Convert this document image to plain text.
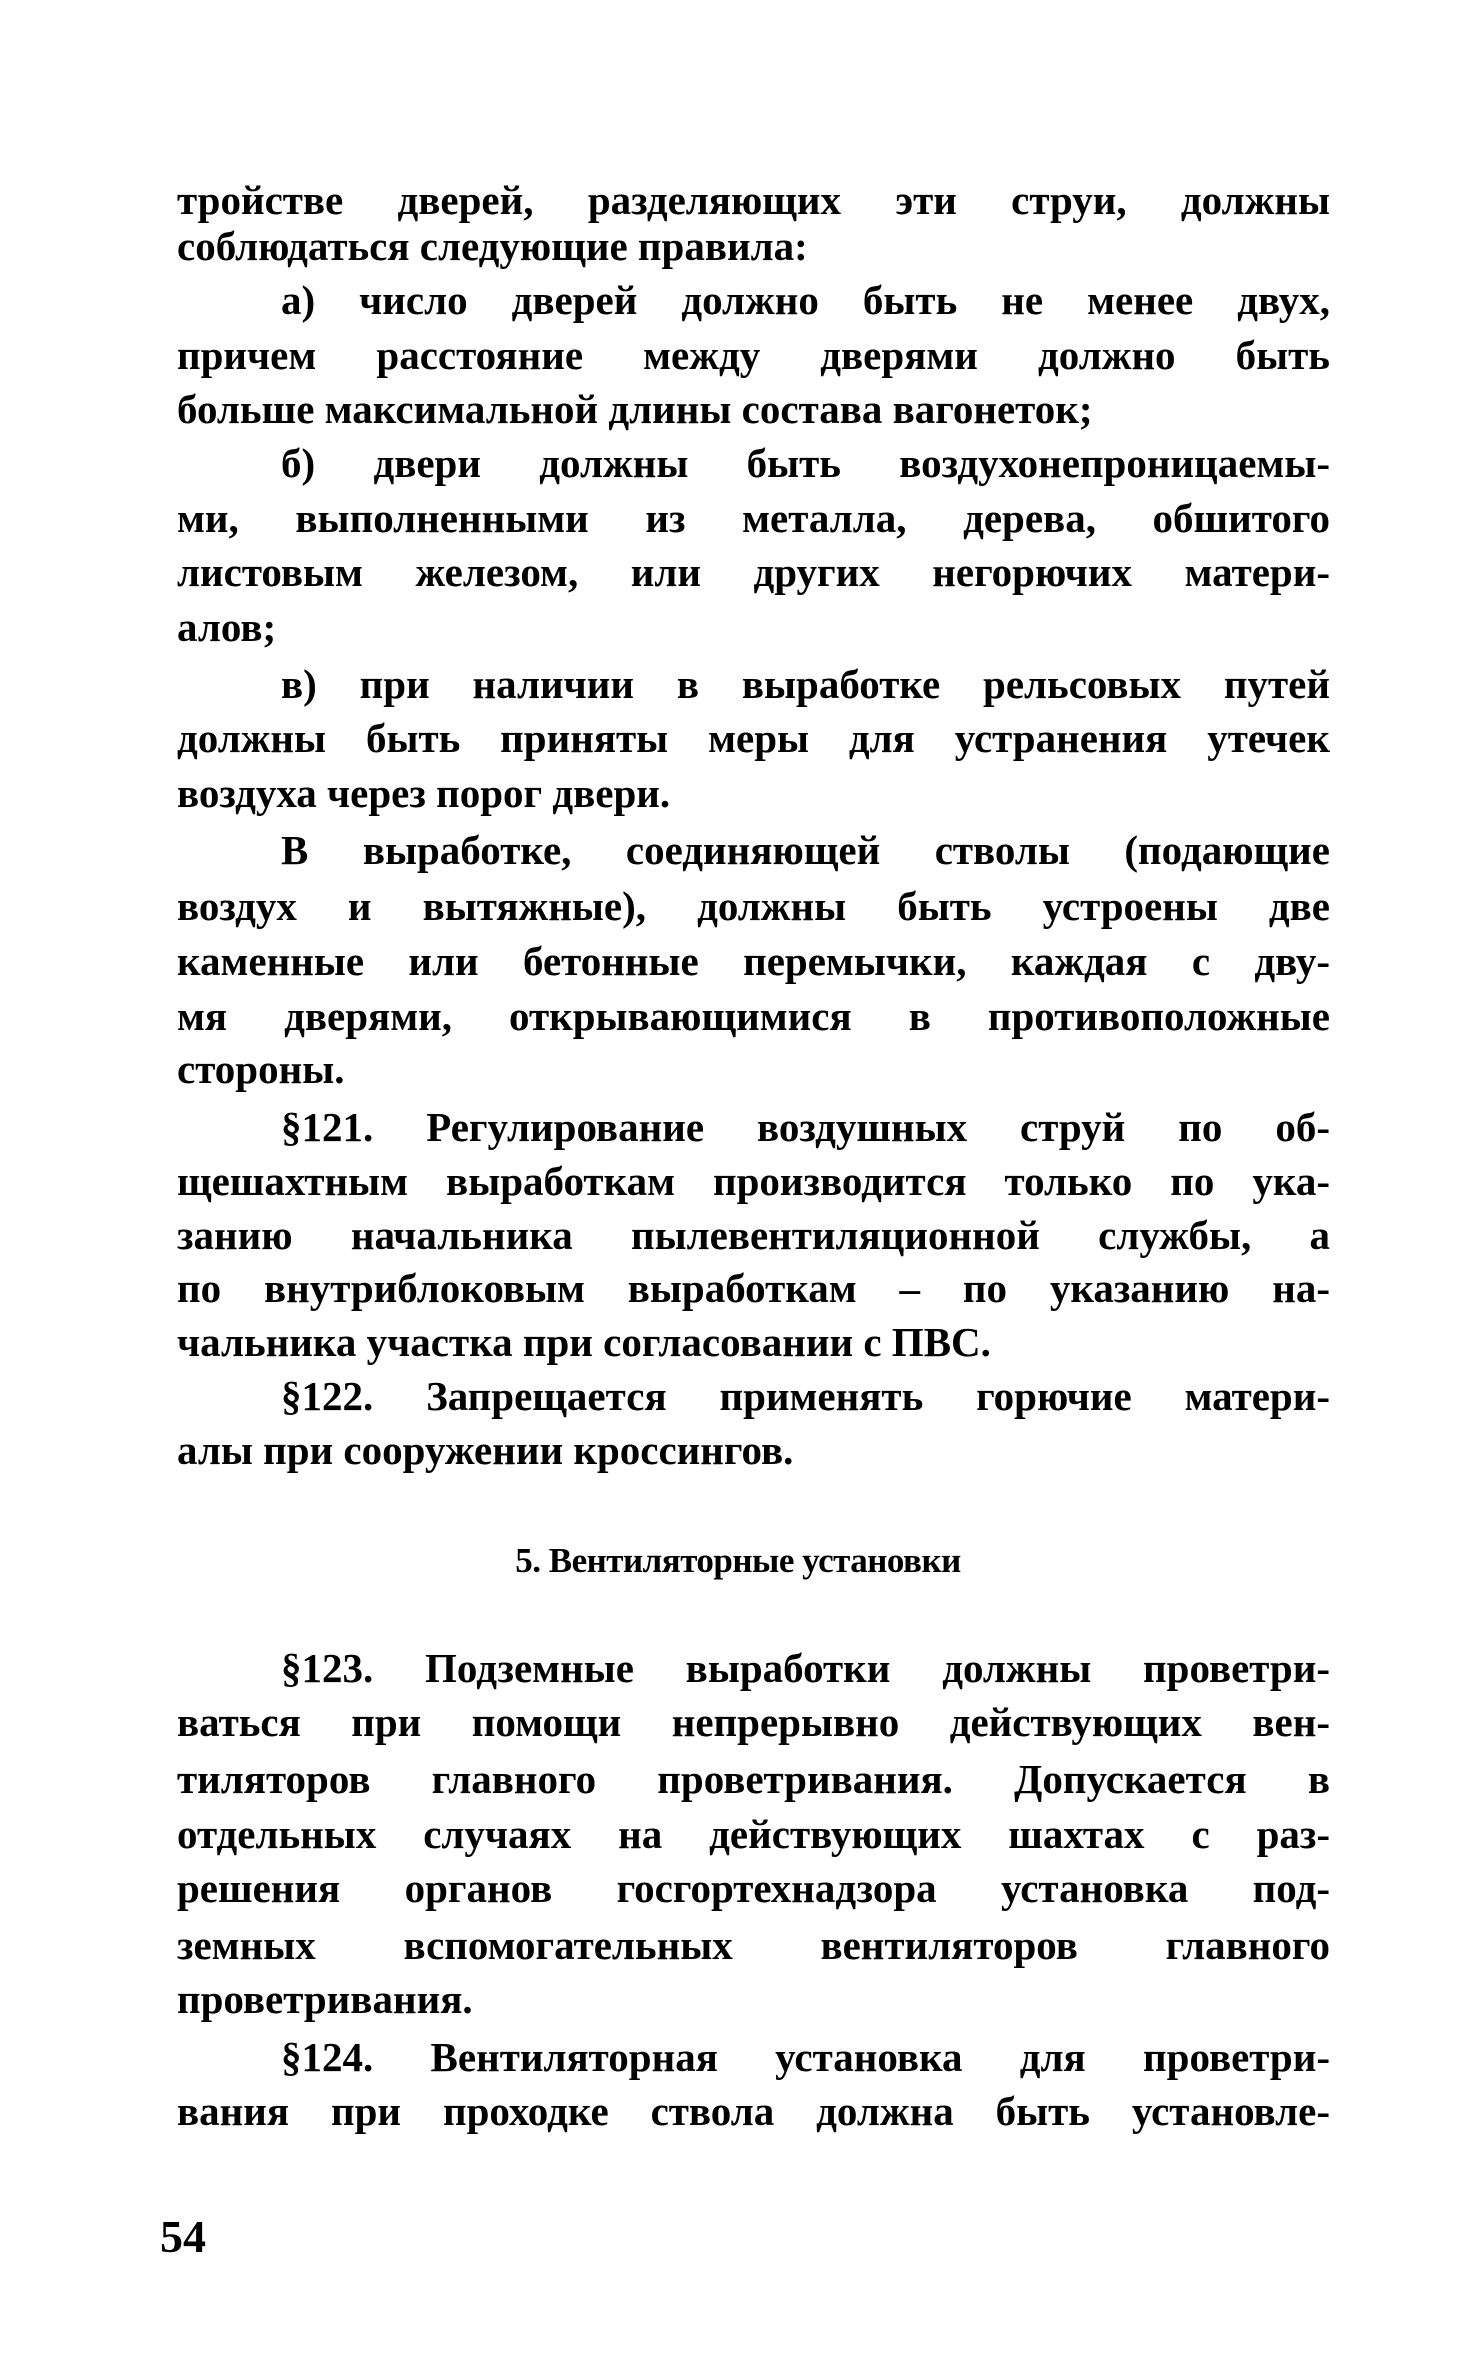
5. Вентиляторные установки
54
тройстве дверей, разделяющих эти струи, должны
соблюдаться следующие правила:
а) число дверей должно быть не менее двух,
причем расстояние между дверями должно быть
больше максимальной длины состава вагонеток;
б) двери должны быть воздухонепроницаемы-
ми, выполненными из металла, дерева, обшитого
листовым железом, или других негорючих матери-
алов;
в) при наличии в выработке рельсовых путей
должны быть приняты меры для устранения утечек
воздуха через порог двери.
В выработке, соединяющей стволы (подающие
воздух и вытяжные), должны быть устроены две
каменные или бетонные перемычки, каждая с дву-
мя дверями, открывающимися в противоположные
стороны.
§121. Регулирование воздушных струй по об-
щешахтным выработкам производится только по ука-
занию начальника пылевентиляционной службы, а
по внутриблоковым выработкам – по указанию на-
чальника участка при согласовании с ПВС.
§122. Запрещается применять горючие матери-
алы при сооружении кроссингов.
§123. Подземные выработки должны проветри-
ваться при помощи непрерывно действующих вен-
тиляторов главного проветривания. Допускается в
отдельных случаях на действующих шахтах с раз-
решения органов госгортехнадзора установка под-
земных вспомогательных вентиляторов главного
проветривания.
§124. Вентиляторная установка для проветри-
вания при проходке ствола должна быть установле-
